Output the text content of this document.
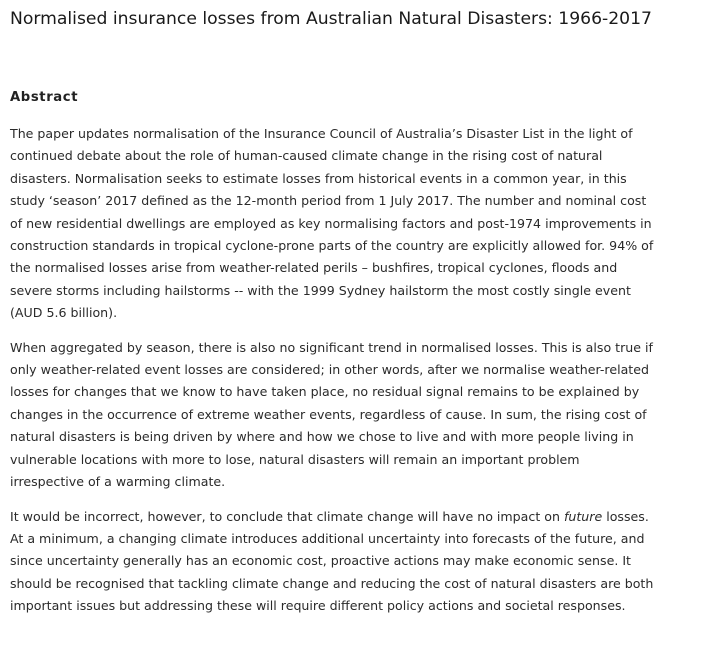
Normalised insurance losses from Australian Natural Disasters: 1966-2017
Abstract

The paper updates normalisation of the Insurance Council of Australia’s Disaster List in the light of
continued debate about the role of human-caused climate change in the rising cost of natural
disasters. Normalisation seeks to estimate losses from historical events in a common year, in this
study ‘season’ 2017 defined as the 12-month period from 1 July 2017. The number and nominal cost
of new residential dwellings are employed as key normalising factors and post-1974 improvements in
construction standards in tropical cyclone-prone parts of the country are explicitly allowed for. 94% of
the normalised losses arise from weather-related perils – bushfires, tropical cyclones, floods and
severe storms including hailstorms -- with the 1999 Sydney hailstorm the most costly single event
(AUD 5.6 billion).

When aggregated by season, there is also no significant trend in normalised losses. This is also true if
only weather-related event losses are considered; in other words, after we normalise weather-related
losses for changes that we know to have taken place, no residual signal remains to be explained by
changes in the occurrence of extreme weather events, regardless of cause. In sum, the rising cost of
natural disasters is being driven by where and how we chose to live and with more people living in
vulnerable locations with more to lose, natural disasters will remain an important problem
irrespective of a warming climate.

It would be incorrect, however, to conclude that climate change will have no impact on future losses.
At a minimum, a changing climate introduces additional uncertainty into forecasts of the future, and
since uncertainty generally has an economic cost, proactive actions may make economic sense. It
should be recognised that tackling climate change and reducing the cost of natural disasters are both
important issues but addressing these will require different policy actions and societal responses.
